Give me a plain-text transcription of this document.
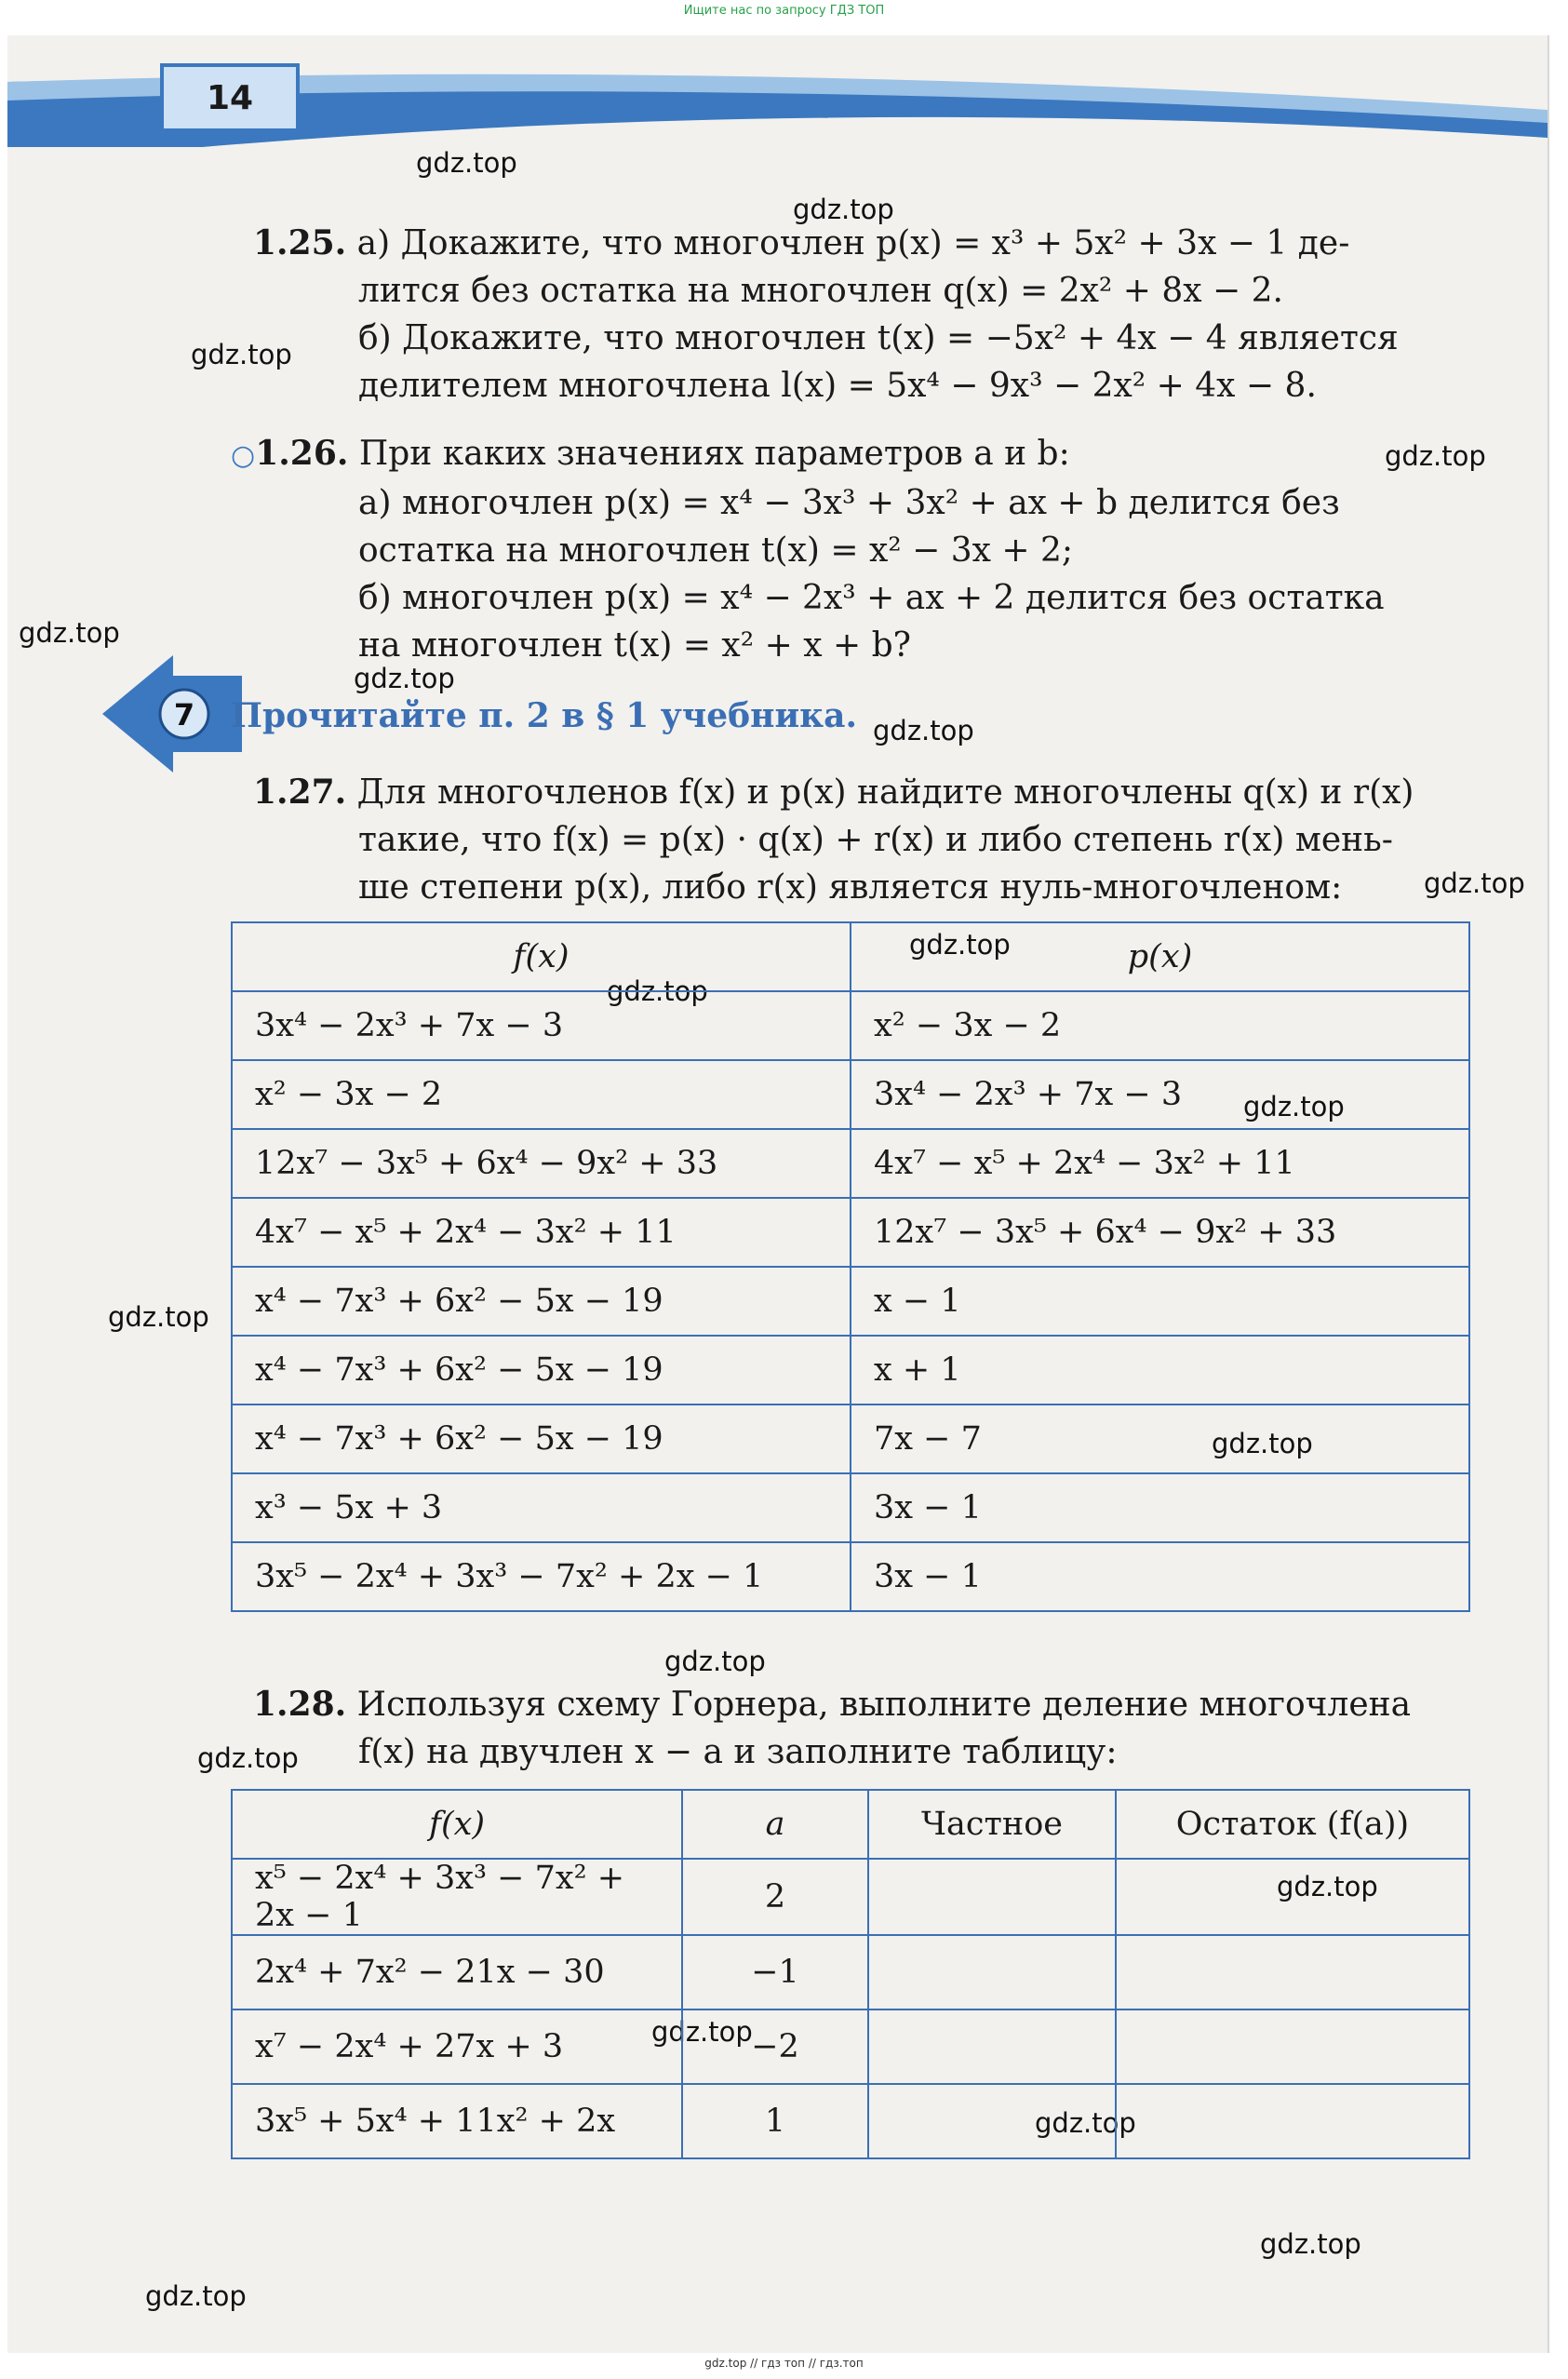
Ищите нас по запросу ГДЗ ТОП
14
gdz.top
gdz.top
gdz.top
gdz.top
gdz.top
gdz.top
gdz.top
gdz.top
gdz.top
gdz.top
gdz.top
gdz.top
gdz.top
gdz.top
gdz.top
gdz.top
gdz.top
gdz.top
gdz.top
gdz.top
1.25. а) Докажите, что многочлен p(x) = x³ + 5x² + 3x − 1 де-
лится без остатка на многочлен q(x) = 2x² + 8x − 2.
б) Докажите, что многочлен t(x) = −5x² + 4x − 4 является
делителем многочлена l(x) = 5x⁴ − 9x³ − 2x² + 4x − 8.
○1.26. При каких значениях параметров a и b:
а) многочлен p(x) = x⁴ − 3x³ + 3x² + ax + b делится без
остатка на многочлен t(x) = x² − 3x + 2;
б) многочлен p(x) = x⁴ − 2x³ + ax + 2 делится без остатка
на многочлен t(x) = x² + x + b?
7 Прочитайте п. 2 в § 1 учебника.
1.27. Для многочленов f(x) и p(x) найдите многочлены q(x) и r(x)
такие, что f(x) = p(x) · q(x) + r(x) и либо степень r(x) мень-
ше степени p(x), либо r(x) является нуль-многочленом:
f(x)	p(x)
3x⁴ − 2x³ + 7x − 3	x² − 3x − 2
x² − 3x − 2	3x⁴ − 2x³ + 7x − 3
12x⁷ − 3x⁵ + 6x⁴ − 9x² + 33	4x⁷ − x⁵ + 2x⁴ − 3x² + 11
4x⁷ − x⁵ + 2x⁴ − 3x² + 11	12x⁷ − 3x⁵ + 6x⁴ − 9x² + 33
x⁴ − 7x³ + 6x² − 5x − 19	x − 1
x⁴ − 7x³ + 6x² − 5x − 19	x + 1
x⁴ − 7x³ + 6x² − 5x − 19	7x − 7
x³ − 5x + 3	3x − 1
3x⁵ − 2x⁴ + 3x³ − 7x² + 2x − 1	3x − 1
1.28. Используя схему Горнера, выполните деление многочлена
f(x) на двучлен x − a и заполните таблицу:
f(x)	a	Частное	Остаток (f(a))
x⁵ − 2x⁴ + 3x³ − 7x² + 2x − 1	2		
2x⁴ + 7x² − 21x − 30	−1		
x⁷ − 2x⁴ + 27x + 3	−2		
3x⁵ + 5x⁴ + 11x² + 2x	1		
gdz.top // гдз топ // гдз.топ
